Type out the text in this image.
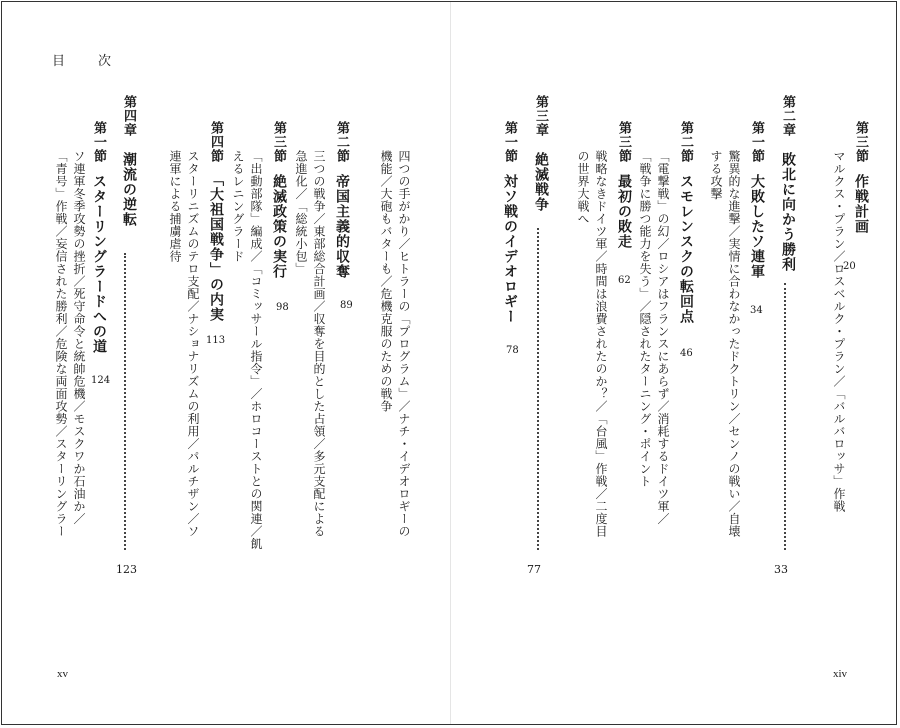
目　次
第三節
作戦計画
20
マルクス・プラン／ロスベルク・プラン／「バルバロッサ」作戦
第二章
敗北に向かう勝利
33
第一節
大敗したソ連軍
34
驚異的な進撃／実情に合わなかったドクトリン／センノの戦い／自壊
する攻撃
第二節
スモレンスクの転回点
46
「電撃戦」の幻／ロシアはフランスにあらず／消耗するドイツ軍／
「戦争に勝つ能力を失う」／隠されたターニング・ポイント
第三節
最初の敗走
62
戦略なきドイツ軍／時間は浪費されたのか？／「台風」作戦／二度目
の世界大戦へ
第三章
絶滅戦争
77
第一節
対ソ戦のイデオロギー
78
xiv
四つの手がかり／ヒトラーの「プログラム」／ナチ・イデオロギーの
機能／大砲もバターも／危機克服のための戦争
第二節
帝国主義的収奪
89
三つの戦争／東部総合計画／収奪を目的とした占領／多元支配による
急進化／「総統小包」
第三節
絶滅政策の実行
98
「出動部隊」編成／「コミッサール指令」／ホロコーストとの関連／飢
えるレニングラード
第四節
「大祖国戦争」の内実
113
スターリニズムのテロ支配／ナショナリズムの利用／パルチザン／ソ
連軍による捕虜虐待
第四章
潮流の逆転
123
第一節
スターリングラードへの道
124
ソ連軍冬季攻勢の挫折／死守命令と統帥危機／モスクワか石油か／
「青号」作戦／妄信された勝利／危険な両面攻勢／スターリングラー
xv
